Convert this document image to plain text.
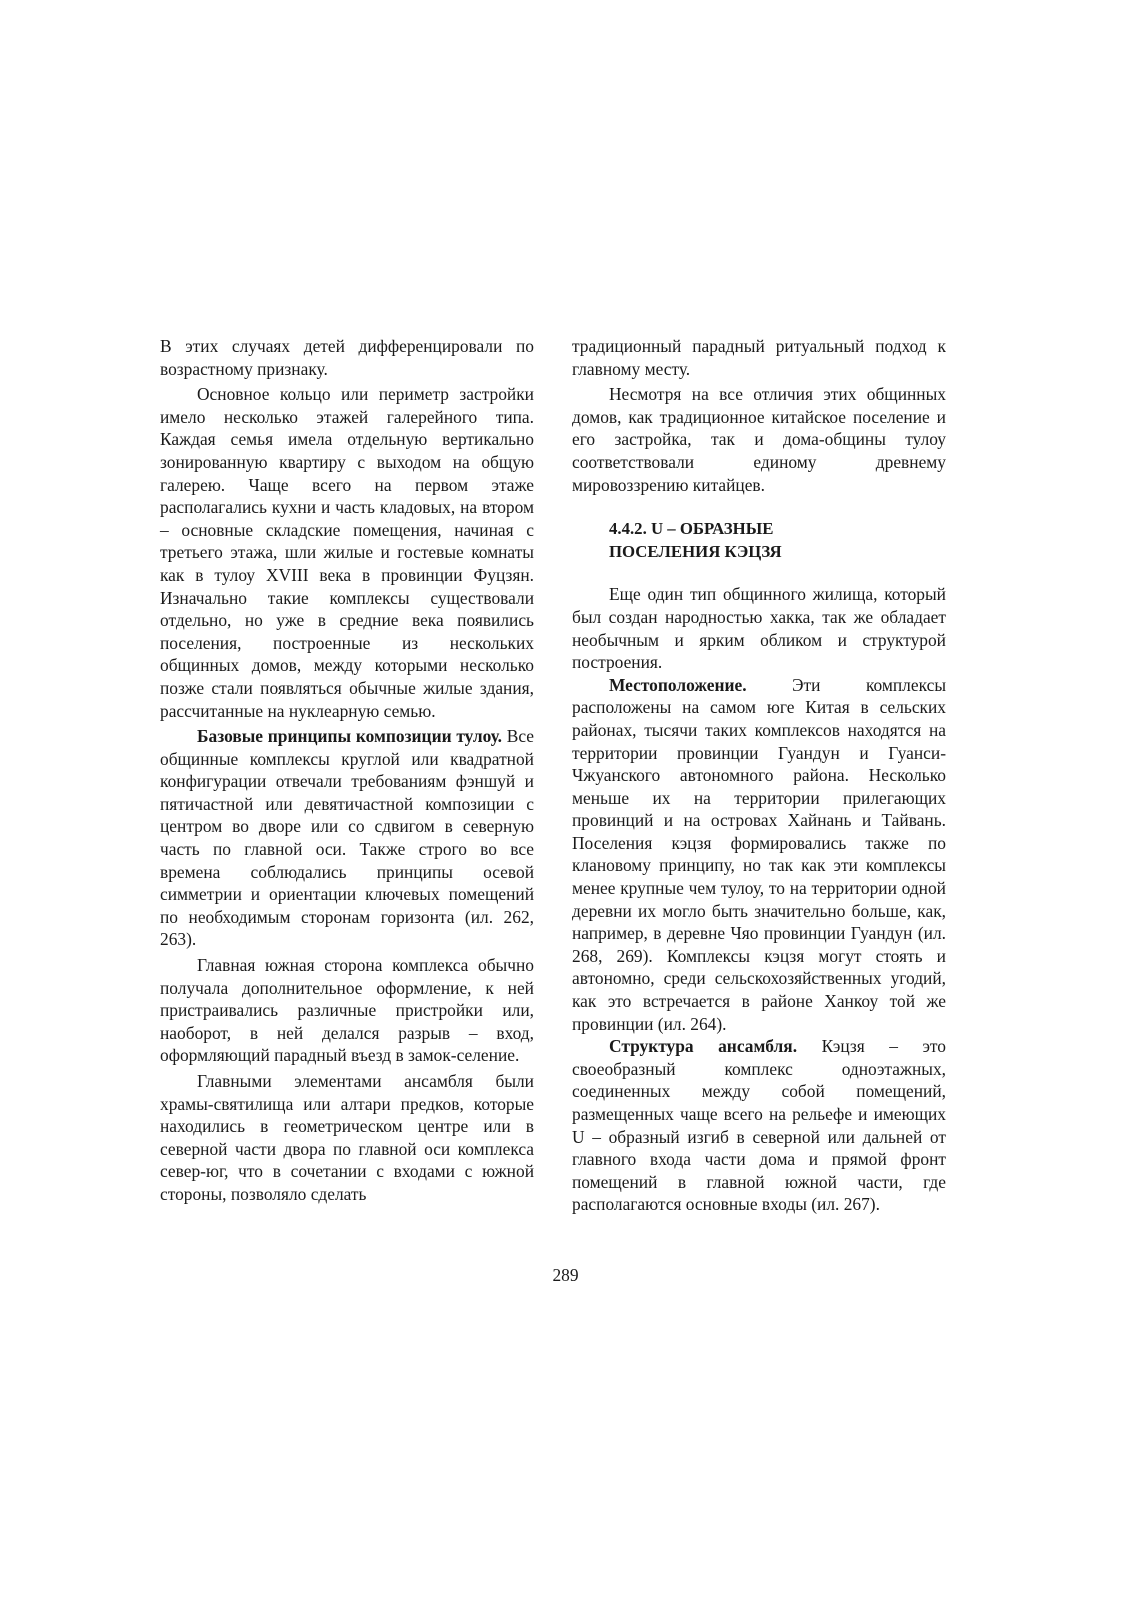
В этих случаях детей дифференцировали по возрастному признаку.

Основное кольцо или периметр застройки имело несколько этажей галерейного типа. Каждая семья имела отдельную вертикально зонированную квартиру с выходом на общую галерею. Чаще всего на первом этаже располагались кухни и часть кладовых, на втором – основные складские помещения, начиная с третьего этажа, шли жилые и гостевые комнаты как в тулоу XVIII века в провинции Фуцзян. Изначально такие комплексы существовали отдельно, но уже в средние века появились поселения, построенные из нескольких общинных домов, между которыми несколько позже стали появляться обычные жилые здания, рассчитанные на нуклеарную семью.

Базовые принципы композиции тулоу. Все общинные комплексы круглой или квадратной конфигурации отвечали требованиям фэншуй и пятичастной или девятичастной композиции с центром во дворе или со сдвигом в северную часть по главной оси. Также строго во все времена соблюдались принципы осевой симметрии и ориентации ключевых помещений по необходимым сторонам горизонта (ил. 262, 263).

Главная южная сторона комплекса обычно получала дополнительное оформление, к ней пристраивались различные пристройки или, наоборот, в ней делался разрыв – вход, оформляющий парадный въезд в замок-селение.

Главными элементами ансамбля были храмы-святилища или алтари предков, которые находились в геометрическом центре или в северной части двора по главной оси комплекса север-юг, что в сочетании с входами с южной стороны, позволяло сделать

традиционный парадный ритуальный подход к главному месту.

Несмотря на все отличия этих общинных домов, как традиционное китайское поселение и его застройка, так и дома-общины тулоу соответствовали единому древнему мировоззрению китайцев.

4.4.2. U – ОБРАЗНЫЕ
ПОСЕЛЕНИЯ КЭЦЗЯ

Еще один тип общинного жилища, который был создан народностью хакка, так же обладает необычным и ярким обликом и структурой построения.

Местоположение. Эти комплексы расположены на самом юге Китая в сельских районах, тысячи таких комплексов находятся на территории провинции Гуандун и Гуанси-Чжуанского автономного района. Несколько меньше их на территории прилегающих провинций и на островах Хайнань и Тайвань. Поселения кэцзя формировались также по клановому принципу, но так как эти комплексы менее крупные чем тулоу, то на территории одной деревни их могло быть значительно больше, как, например, в деревне Чяо провинции Гуандун (ил. 268, 269). Комплексы кэцзя могут стоять и автономно, среди сельскохозяйственных угодий, как это встречается в районе Ханкоу той же провинции (ил. 264).

Структура ансамбля. Кэцзя – это своеобразный комплекс одноэтажных, соединенных между собой помещений, размещенных чаще всего на рельефе и имеющих U – образный изгиб в северной или дальней от главного входа части дома и прямой фронт помещений в главной южной части, где располагаются основные входы (ил. 267).

289
